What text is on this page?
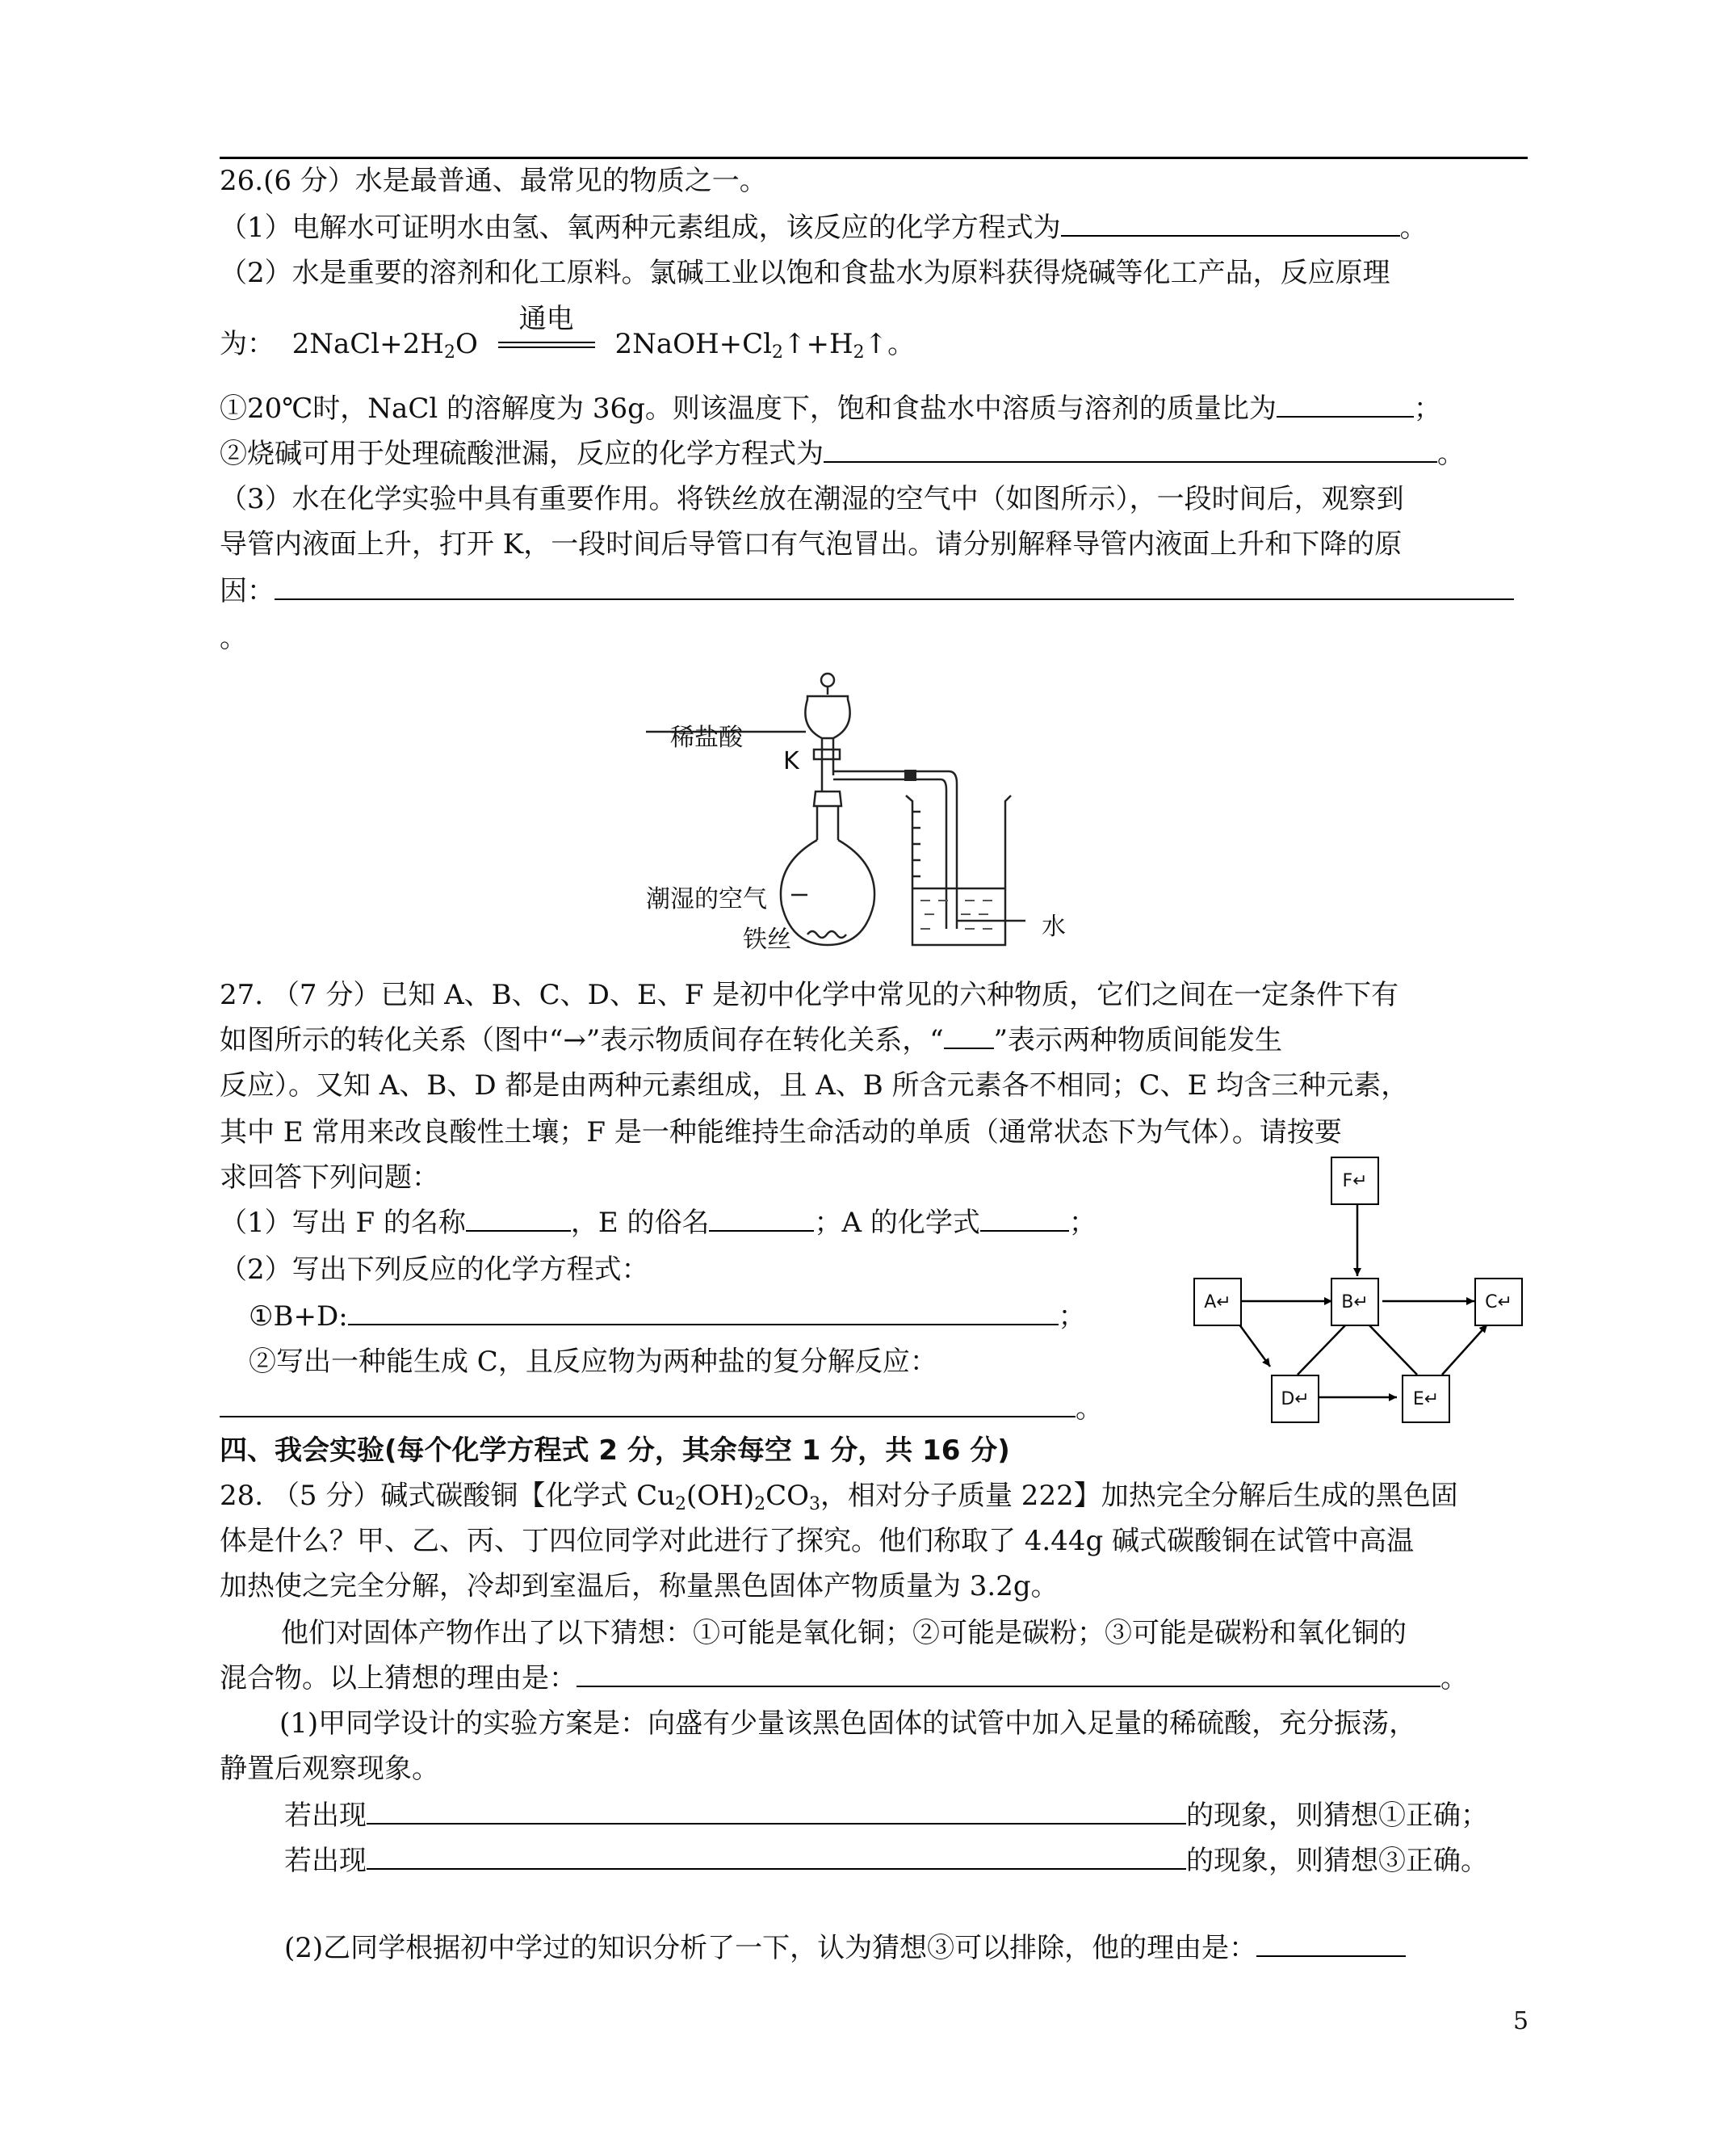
26.(6 分）水是最普通、最常见的物质之一。
（1）电解水可证明水由氢、氧两种元素组成，该反应的化学方程式为	。
（2）水是重要的溶剂和化工原料。氯碱工业以饱和食盐水为原料获得烧碱等化工产品，反应原理
为： $2NaCl+2H_2O$
通电
$2NaOH+Cl_2↑+H_2↑$。
①20℃时，NaCl 的溶解度为 36g。则该温度下，饱和食盐水中溶质与溶剂的质量比为	；
②烧碱可用于处理硫酸泄漏，反应的化学方程式为	。
（3）水在化学实验中具有重要作用。将铁丝放在潮湿的空气中（如图所示），一段时间后，观察到
导管内液面上升，打开 K，一段时间后导管口有气泡冒出。请分别解释导管内液面上升和下降的原
因：
。
稀盐酸
K
潮湿的空气
铁丝	水
27. （7 分）已知 A、B、C、D、E、F 是初中化学中常见的六种物质，它们之间在一定条件下有
如图所示的转化关系（图中“→”表示物质间存在转化关系，“ ”表示两种物质间能发生
反应）。又知 A、B、D 都是由两种元素组成，且 A、B 所含元素各不相同；C、E 均含三种元素，
其中 E 常用来改良酸性土壤；F 是一种能维持生命活动的单质（通常状态下为气体）。请按要
求回答下列问题：
（1）写出 F 的名称	，E 的俗名	；A 的化学式	；
（2）写出下列反应的化学方程式：
①B+D:	；
②写出一种能生成 C，且反应物为两种盐的复分解反应：
。
F↵
A↵	B↵	C↵
D↵	E↵
四、我会实验(每个化学方程式 2 分，其余每空 1 分，共 16 分)
28. （5 分）碱式碳酸铜【化学式 $Cu_2(OH)_2CO_3$，相对分子质量 222】加热完全分解后生成的黑色固
体是什么？甲、乙、丙、丁四位同学对此进行了探究。他们称取了 4.44g 碱式碳酸铜在试管中高温
加热使之完全分解，冷却到室温后，称量黑色固体产物质量为 3.2g。
他们对固体产物作出了以下猜想：①可能是氧化铜；②可能是碳粉；③可能是碳粉和氧化铜的
混合物。以上猜想的理由是：	。
(1)甲同学设计的实验方案是：向盛有少量该黑色固体的试管中加入足量的稀硫酸，充分振荡，
静置后观察现象。
若出现	的现象，则猜想①正确；
若出现	的现象，则猜想③正确。
(2)乙同学根据初中学过的知识分析了一下，认为猜想③可以排除，他的理由是：
5
